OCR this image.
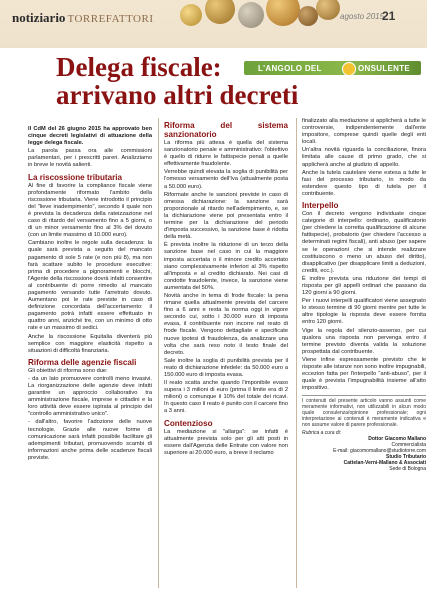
notiziario TORREFATTORI	agosto 2015
21
Delega fiscale:
arrivano altri decreti
L'ANGOLO DEL	ONSULENTE

Il CdM del 26 giugno 2015 ha approvato ben cinque decreti legislativi di attuazione della legge delega fiscale.

La parola passa ora alle commissioni parlamentari, per i prescritti pareri. Analizziamo in breve le novità salienti.

La riscossione tributaria

Al fine di favorire la compliance fiscale viene profondamente riformato l'ambito della riscossione tributaria. Viene introdotto il principio del "lieve inadempimento", secondo il quale non è prevista la decadenza della rateizzazione nel caso di ritardo del versamento fino a 5 giorni, o di un minor versamento fino al 3% del dovuto (con un limite massimo di 10.000 euro).

Cambiano inoltre le regole sulla decadenza: la quale sarà prevista a seguito del mancato pagamento di sole 5 rate (e non più 8), ma non farà scattare subito le procedure esecutive: prima di procedere a pignoramenti e blocchi, l'Agente della riscossione dovrà infatti consentire al contribuente di porre rimedio al mancato pagamento versando tutte l'arretrato dovuto. Aumentano poi le rate previste in caso di definizione concordata dell'accertamento: il pagamento potrà infatti essere effettuato in quattro anni, anziché tre, con un minimo di otto rate e un massimo di sedici.

Anche la riscossione Equitalia diventerà più semplice con maggiore elasticità rispetto a situazioni di difficoltà finanziaria.

Riforma delle agenzie fiscali

Gli obiettivi di riforma sono due:

- da un lato promuovere controlli meno invasivi. La riorganizzazione delle agenzie deve infatti garantire un approccio collaborativo tra amministrazione fiscale, imprese e cittadini e la loro attività deve essere ispirata al principio del "controllo amministrativo unico".

- dall'altro, favorire l'adozione delle nuove tecnologie. Grazie alle nuove forme di comunicazione sarà infatti possibile facilitare gli adempimenti tributari, promuovendo scambi di informazioni anche prima delle scadenze fiscali previste.

Riforma del sistema sanzionatorio

La riforma più attesa è quella del sistema sanzionatorio penale e amministrativo: l'obiettivo è quello di ridurre le fattispecie penali a quelle effettivamente fraudolente.

Verrebbe quindi elevata la soglia di punibilità per l'omesso versamento dell'Iva (attualmente posta a 50.000 euro).

Riformate anche le sanzioni previste in caso di omessa dichiarazione: la sanzione sarà proporzionale al ritardo nell'adempimento, e, se la dichiarazione viene poi presentata entro il termine per la dichiarazione del periodo d'imposta successivo, la sanzione base è ridotta della metà.

È prevista inoltre la riduzione di un terzo della sanzione base nel caso in cui la maggiore imposta accertata o il minore credito accertato siano complessivamente inferiori al 3% rispetto all'imposta e al credito dichiarato. Nei casi di condotte fraudolente, invece, la sanzione viene aumentata del 50%.

Novità anche in tema di frode fiscale: la pena rimane quella attualmente prevista del carcere fino a 6 anni e resta la norma oggi in vigore secondo cui, sotto i 30.000 euro di imposta evasa, il contribuente non incorre nel reato di frode fiscale. Vengono dettagliate e specificate nuove ipotesi di fraudolenza, da analizzare una volta che sarà reso noto il testo finale del decreto.

Sale inoltre la soglia di punibilità prevista per il reato di dichiarazione infedele: da 50.000 euro a 150.000 euro di imposta evasa.

Il reato scatta anche quando l'imponibile evaso supera i 3 milioni di euro (prima il limite era di 2 milioni) o comunque il 10% del totale dei ricavi. In questo caso il reato è punito con il carcere fino a 3 anni.

Contenzioso

La mediazione si "allarga": se infatti è attualmente prevista solo per gli atti posti in essere dall'Agenzia delle Entrate con valore non superiore ai 20.000 euro, a breve il reclamo

finalizzato alla mediazione si applicherà a tutte le controversie, indipendentemente dall'ente impositore, comprese quindi quelle degli enti locali.

Un'altra novità riguarda la conciliazione, finora limitata alle cause di primo grado, che si applicherà anche al giudizio di appello.

Anche la tutela cautelare viene estesa a tutte le fasi del processo tributario, in modo da estendere questo tipo di tutela per il contribuente.

Interpello

Con il decreto vengono individuate cinque categorie di interpello: ordinario, qualificatorio (per chiedere la corretta qualificazione di alcune fattispecie), probatorio (per chiedere l'accesso a determinati regimi fiscali), anti abuso (per sapere se le operazioni che si intende realizzare costituiscono o meno un abuso del diritto), disapplicativo (per disapplicare limiti a deduzioni, crediti, ecc.).

È inoltre prevista una riduzione dei tempi di risposta per gli appelli ordinari che passano da 120 giorni a 90 giorni.

Per i nuovi interpelli qualificatori viene assegnato lo stesso termine di 90 giorni mentre per tutte le altre tipologie la risposta deve essere fornita entro 120 giorni.

Vige la regola del silenzio-assenso, per cui qualora una risposta non pervenga entro il termine previsto diventa valida la soluzione prospettata dal contribuente.

Viene infine espressamente previsto che le risposte alle istanze non sono inoltre impugnabili, eccezion fatta per l'interpello "anti-abuso", per il quale è prevista l'impugnabilità insieme all'atto impositivo.

I contenuti del presente articolo vanno assunti come meramente informativi, non utilizzabili in alcun modo quale consulenza/opinione professionale; ogni interpretazione ai contenuti è meramente indicativa e non assume valore di parere professionale.
Rubrica a cura di:
Dottor Giacomo Mallano
Commercialista
E-mail: giacomomallano@studiotorre.com
Studio Tributario
Cattelan-Verni-Mallano & Associati
Sede di Bologna
